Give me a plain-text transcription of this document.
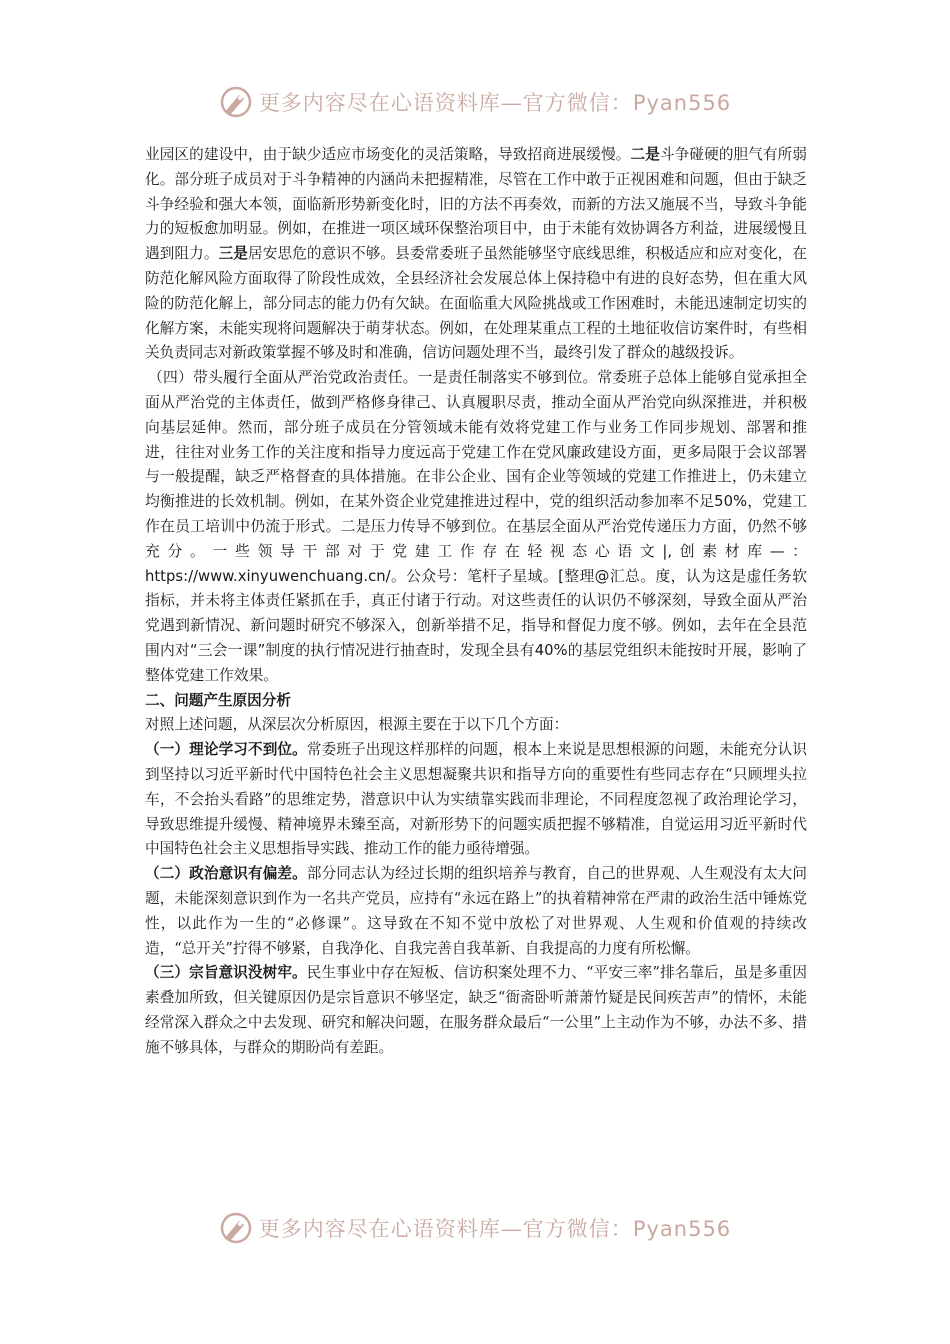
更多内容尽在心语资料库—官方微信：Pyan556

业园区的建设中，由于缺少适应市场变化的灵活策略，导致招商进展缓慢。二是斗争碰硬的胆气有所弱化。部分班子成员对于斗争精神的内涵尚未把握精准，尽管在工作中敢于正视困难和问题，但由于缺乏斗争经验和强大本领，面临新形势新变化时，旧的方法不再奏效，而新的方法又施展不当，导致斗争能力的短板愈加明显。例如，在推进一项区域环保整治项目中，由于未能有效协调各方利益，进展缓慢且遇到阻力。三是居安思危的意识不够。县委常委班子虽然能够坚守底线思维，积极适应和应对变化，在防范化解风险方面取得了阶段性成效，全县经济社会发展总体上保持稳中有进的良好态势，但在重大风险的防范化解上，部分同志的能力仍有欠缺。在面临重大风险挑战或工作困难时，未能迅速制定切实的化解方案，未能实现将问题解决于萌芽状态。例如，在处理某重点工程的土地征收信访案件时，有些相关负责同志对新政策掌握不够及时和准确，信访问题处理不当，最终引发了群众的越级投诉。

（四）带头履行全面从严治党政治责任。一是责任制落实不够到位。常委班子总体上能够自觉承担全面从严治党的主体责任，做到严格修身律己、认真履职尽责，推动全面从严治党向纵深推进，并积极向基层延伸。然而，部分班子成员在分管领域未能有效将党建工作与业务工作同步规划、部署和推进，往往对业务工作的关注度和指导力度远高于党建工作在党风廉政建设方面，更多局限于会议部署与一般提醒，缺乏严格督查的具体措施。在非公企业、国有企业等领域的党建工作推进上，仍未建立均衡推进的长效机制。例如，在某外资企业党建推进过程中，党的组织活动参加率不足50%，党建工作在员工培训中仍流于形式。二是压力传导不够到位。在基层全面从严治党传递压力方面，仍然不够充分。一些领导干部对于党建工作存在轻视态心语文|,创素材库—：https://www.xinyuwenchuang.cn/。公众号：笔杆子星域。[整理@汇总。度，认为这是虚任务软指标，并未将主体责任紧抓在手，真正付诸于行动。对这些责任的认识仍不够深刻，导致全面从严治党遇到新情况、新问题时研究不够深入，创新举措不足，指导和督促力度不够。例如，去年在全县范围内对“三会一课”制度的执行情况进行抽查时，发现全县有40%的基层党组织未能按时开展，影响了整体党建工作效果。

二、问题产生原因分析

对照上述问题，从深层次分析原因，根源主要在于以下几个方面：

（一）理论学习不到位。常委班子出现这样那样的问题，根本上来说是思想根源的问题，未能充分认识到坚持以习近平新时代中国特色社会主义思想凝聚共识和指导方向的重要性有些同志存在“只顾埋头拉车，不会抬头看路”的思维定势，潜意识中认为实绩靠实践而非理论，不同程度忽视了政治理论学习，导致思维提升缓慢、精神境界未臻至高，对新形势下的问题实质把握不够精准，自觉运用习近平新时代中国特色社会主义思想指导实践、推动工作的能力亟待增强。

（二）政治意识有偏差。部分同志认为经过长期的组织培养与教育，自己的世界观、人生观没有太大问题，未能深刻意识到作为一名共产党员，应持有“永远在路上”的执着精神常在严肃的政治生活中锤炼党性，以此作为一生的“必修课”。这导致在不知不觉中放松了对世界观、人生观和价值观的持续改造，“总开关”拧得不够紧，自我净化、自我完善自我革新、自我提高的力度有所松懈。

（三）宗旨意识没树牢。民生事业中存在短板、信访积案处理不力、“平安三率”排名靠后，虽是多重因素叠加所致，但关键原因仍是宗旨意识不够坚定，缺乏“衙斋卧听萧萧竹疑是民间疾苦声”的情怀，未能经常深入群众之中去发现、研究和解决问题，在服务群众最后“一公里”上主动作为不够，办法不多、措施不够具体，与群众的期盼尚有差距。

更多内容尽在心语资料库—官方微信：Pyan556
